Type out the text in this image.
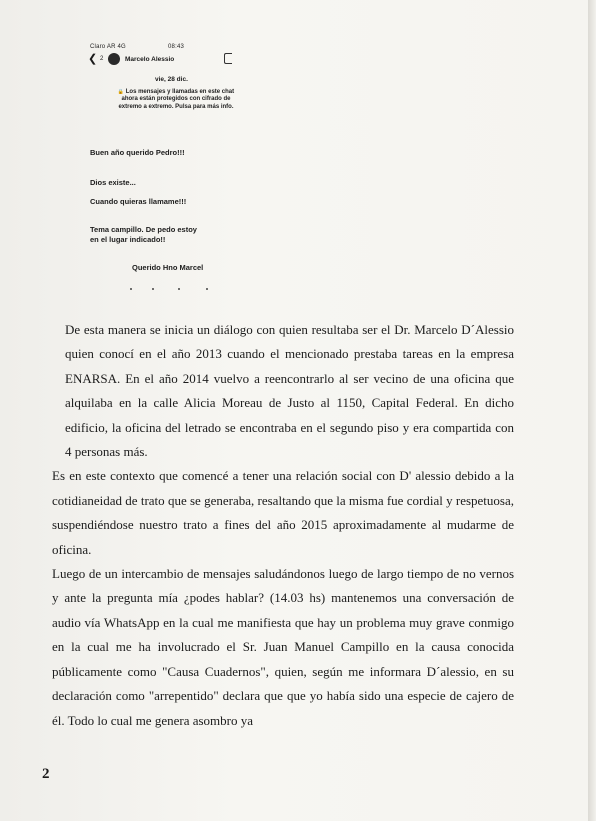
Claro AR 4G	08:43
❮ 2	Marcelo Alessio
vie, 28 dic.
🔒 Los mensajes y llamadas en este chat ahora están protegidos con cifrado de extremo a extremo. Pulsa para más info.
Buen año querido Pedro!!!
Dios existe...
Cuando quieras llamame!!!
Tema campillo. De pedo estoy
en el lugar indicado!!
Querido Hno Marcel

De esta manera se inicia un diálogo con quien resultaba ser el Dr. Marcelo D´Alessio quien conocí en el año 2013 cuando el mencionado prestaba tareas en la empresa ENARSA. En el año 2014 vuelvo a reencontrarlo al ser vecino de una oficina que alquilaba en la calle Alicia Moreau de Justo al 1150, Capital Federal. En dicho edificio, la oficina del letrado se encontraba en el segundo piso y era compartida con 4 personas más.

Es en este contexto que comencé a tener una relación social con D' alessio debido a la cotidianeidad de trato que se generaba, resaltando que la misma fue cordial y respetuosa, suspendiéndose nuestro trato a fines del año 2015 aproximadamente al mudarme de oficina.

Luego de un intercambio de mensajes saludándonos luego de largo tiempo de no vernos y ante la pregunta mía ¿podes hablar? (14.03 hs) mantenemos una conversación de audio vía WhatsApp en la cual me manifiesta que hay un problema muy grave conmigo en la cual me ha involucrado el Sr. Juan Manuel Campillo en la causa conocida públicamente como "Causa Cuadernos", quien, según me informara D´alessio, en su declaración como "arrepentido" declara que que yo había sido una especie de cajero de él. Todo lo cual me genera asombro ya

2
